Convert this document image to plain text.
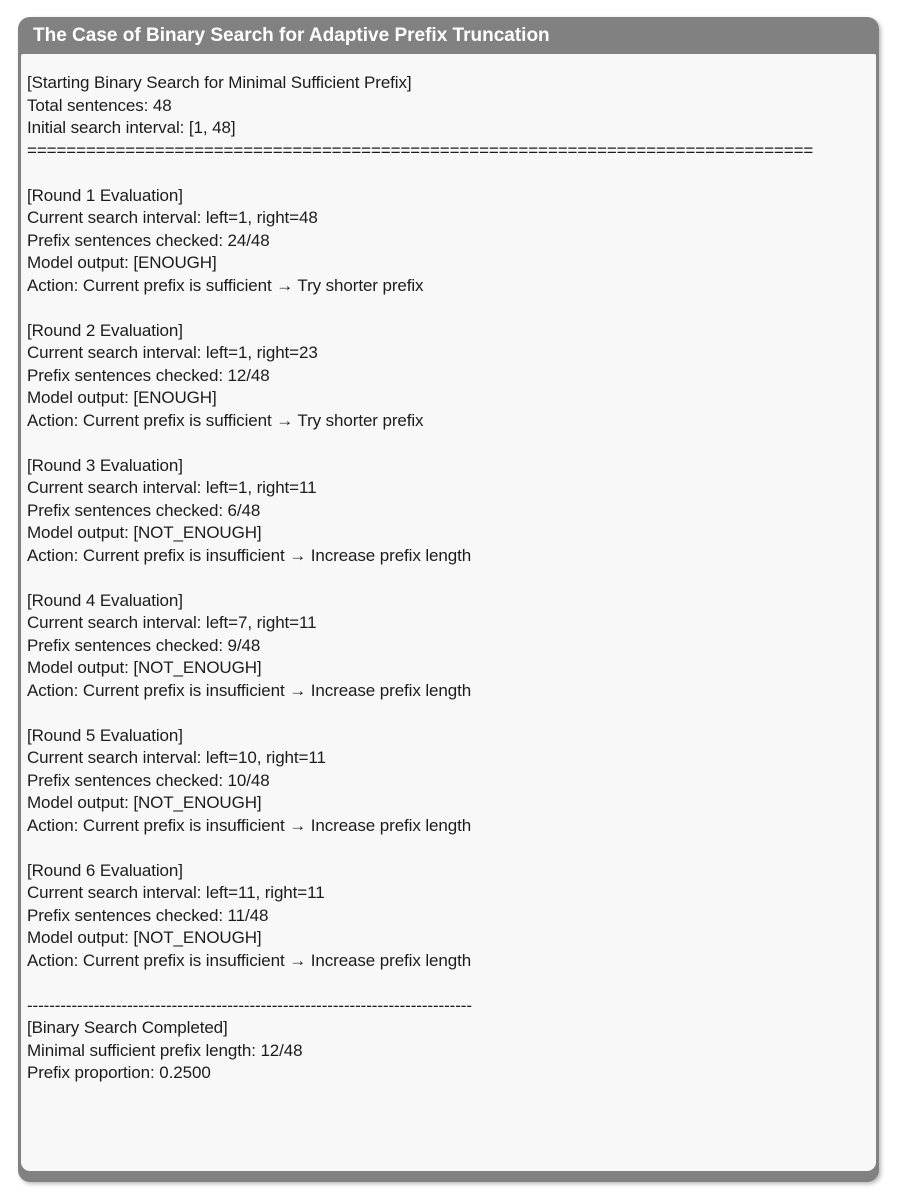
The Case of Binary Search for Adaptive Prefix Truncation
[Starting Binary Search for Minimal Sufficient Prefix]
Total sentences: 48
Initial search interval: [1, 48]
================================================================================
[Round 1 Evaluation]
Current search interval: left=1, right=48
Prefix sentences checked: 24/48
Model output: [ENOUGH]
Action: Current prefix is sufficient → Try shorter prefix
[Round 2 Evaluation]
Current search interval: left=1, right=23
Prefix sentences checked: 12/48
Model output: [ENOUGH]
Action: Current prefix is sufficient → Try shorter prefix
[Round 3 Evaluation]
Current search interval: left=1, right=11
Prefix sentences checked: 6/48
Model output: [NOT_ENOUGH]
Action: Current prefix is insufficient → Increase prefix length
[Round 4 Evaluation]
Current search interval: left=7, right=11
Prefix sentences checked: 9/48
Model output: [NOT_ENOUGH]
Action: Current prefix is insufficient → Increase prefix length
[Round 5 Evaluation]
Current search interval: left=10, right=11
Prefix sentences checked: 10/48
Model output: [NOT_ENOUGH]
Action: Current prefix is insufficient → Increase prefix length
[Round 6 Evaluation]
Current search interval: left=11, right=11
Prefix sentences checked: 11/48
Model output: [NOT_ENOUGH]
Action: Current prefix is insufficient → Increase prefix length
--------------------------------------------------------------------------------
[Binary Search Completed]
Minimal sufficient prefix length: 12/48
Prefix proportion: 0.2500
